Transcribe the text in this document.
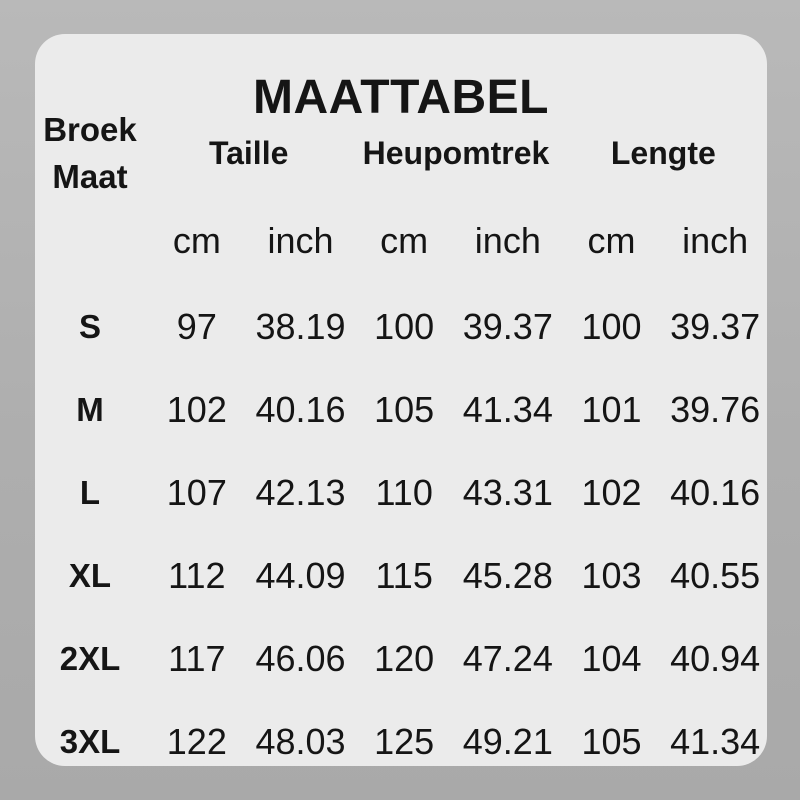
MAATTABEL
Broek
Maat
Taille Heupomtrek Lengte
cm inch cm inch cm inch
S 97 38.19 100 39.37 100 39.37
M 102 40.16 105 41.34 101 39.76
L 107 42.13 110 43.31 102 40.16
XL 112 44.09 115 45.28 103 40.55
2XL 117 46.06 120 47.24 104 40.94
3XL 122 48.03 125 49.21 105 41.34
